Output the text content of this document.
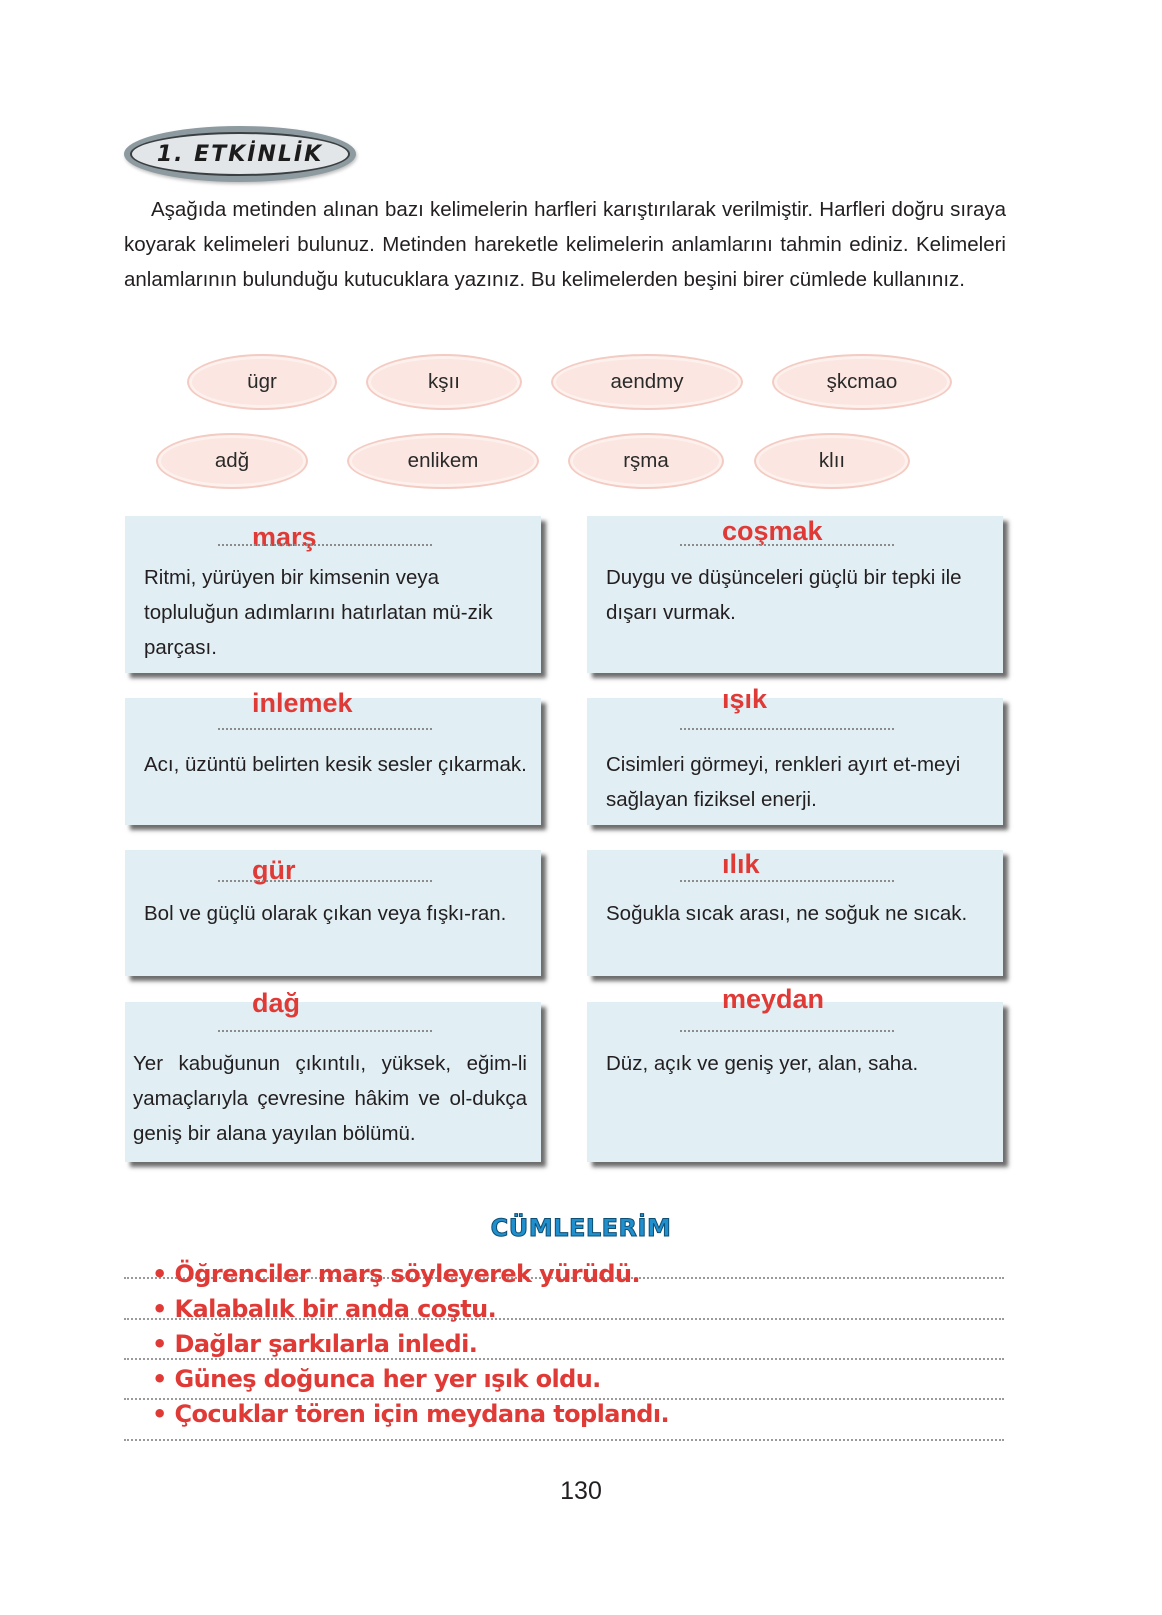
1. ETKİNLİK

Aşağıda metinden alınan bazı kelimelerin harfleri karıştırılarak verilmiştir. Harfleri doğru sıraya koyarak kelimeleri bulunuz. Metinden hareketle kelimelerin anlamlarını tahmin ediniz. Kelimeleri anlamlarının bulunduğu kutucuklara yazınız. Bu kelimelerden beşini birer cümlede kullanınız.

ügr	kşıı	aendmy	şkcmao
adğ	enlikem	rşma	klıı
marş
Ritmi, yürüyen bir kimsenin veya topluluğun adımlarını hatırlatan mü-zik parçası.
coşmak
Duygu ve düşünceleri güçlü bir tepki ile dışarı vurmak.
inlemek
Acı, üzüntü belirten kesik sesler çıkarmak.
ışık
Cisimleri görmeyi, renkleri ayırt et-meyi sağlayan fiziksel enerji.
gür
Bol ve güçlü olarak çıkan veya fışkı-ran.
ılık
Soğukla sıcak arası, ne soğuk ne sıcak.
dağ
Yer kabuğunun çıkıntılı, yüksek, eğim-li yamaçlarıyla çevresine hâkim ve ol-dukça geniş bir alana yayılan bölümü.
meydan
Düz, açık ve geniş yer, alan, saha.
CÜMLELERİM
• Öğrenciler marş söyleyerek yürüdü.
• Kalabalık bir anda coştu.
• Dağlar şarkılarla inledi.
• Güneş doğunca her yer ışık oldu.
• Çocuklar tören için meydana toplandı.
130
